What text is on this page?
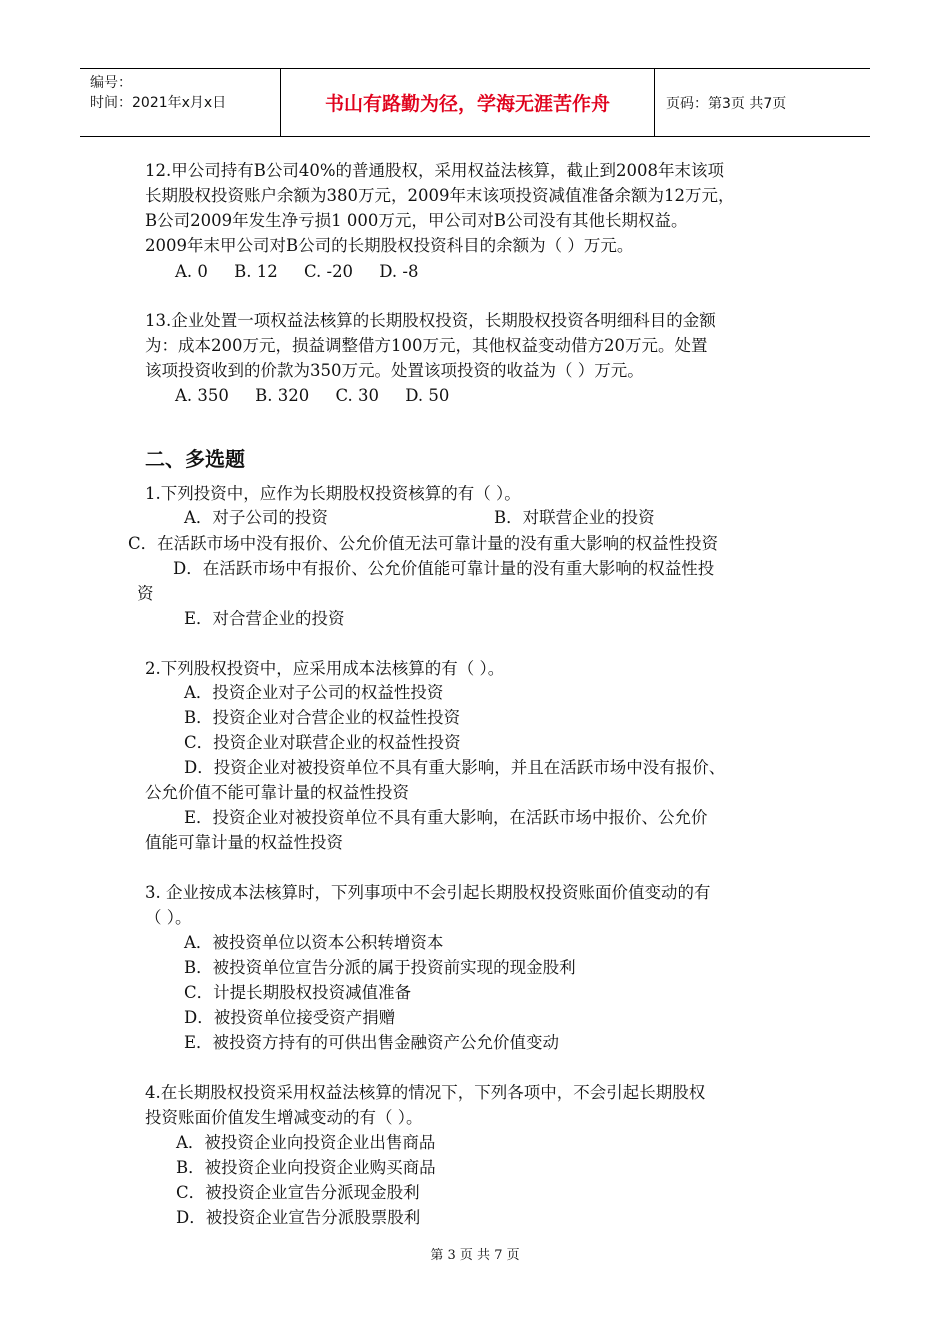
编号：
时间：2021年x月x日	书山有路勤为径，学海无涯苦作舟	页码：第3页 共7页
12.甲公司持有B公司40%的普通股权，采用权益法核算，截止到2008年末该项
长期股权投资账户余额为380万元，2009年末该项投资减值准备余额为12万元，
B公司2009年发生净亏损1 000万元，甲公司对B公司没有其他长期权益。
2009年末甲公司对B公司的长期股权投资科目的余额为（ ）万元。
A. 0     B. 12     C. -20     D. -8
13.企业处置一项权益法核算的长期股权投资，长期股权投资各明细科目的金额
为：成本200万元，损益调整借方100万元，其他权益变动借方20万元。处置
该项投资收到的价款为350万元。处置该项投资的收益为（ ）万元。
A. 350     B. 320     C. 30     D. 50
二、多选题
1.下列投资中，应作为长期股权投资核算的有（ ）。
A．对子公司的投资	B．对联营企业的投资
C．在活跃市场中没有报价、公允价值无法可靠计量的没有重大影响的权益性投资
D．在活跃市场中有报价、公允价值能可靠计量的没有重大影响的权益性投
资
E．对合营企业的投资
2.下列股权投资中，应采用成本法核算的有（ ）。
A．投资企业对子公司的权益性投资
B．投资企业对合营企业的权益性投资
C．投资企业对联营企业的权益性投资
D．投资企业对被投资单位不具有重大影响，并且在活跃市场中没有报价、
公允价值不能可靠计量的权益性投资
E．投资企业对被投资单位不具有重大影响，在活跃市场中报价、公允价
值能可靠计量的权益性投资
3. 企业按成本法核算时，下列事项中不会引起长期股权投资账面价值变动的有
（ ）。
A．被投资单位以资本公积转增资本
B．被投资单位宣告分派的属于投资前实现的现金股利
C．计提长期股权投资减值准备
D．被投资单位接受资产捐赠
E．被投资方持有的可供出售金融资产公允价值变动
4.在长期股权投资采用权益法核算的情况下，下列各项中，不会引起长期股权
投资账面价值发生增减变动的有（ ）。
A．被投资企业向投资企业出售商品
B．被投资企业向投资企业购买商品
C．被投资企业宣告分派现金股利
D．被投资企业宣告分派股票股利
第 3 页 共 7 页
